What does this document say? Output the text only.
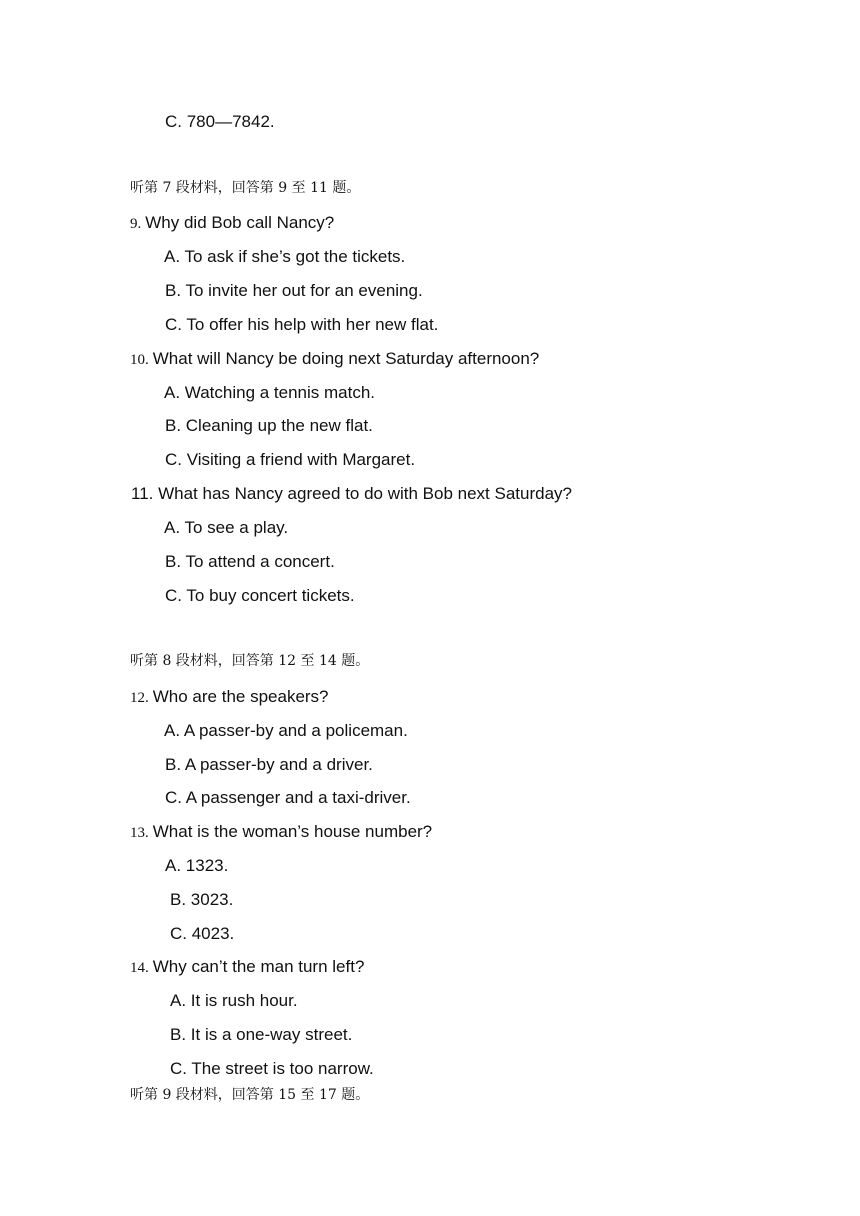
C. 780—7842.
听第 7 段材料，回答第 9 至 11 题。
9. Why did Bob call Nancy?
A. To ask if she’s got the tickets.
B. To invite her out for an evening.
C. To offer his help with her new flat.
10. What will Nancy be doing next Saturday afternoon?
A. Watching a tennis match.
B. Cleaning up the new flat.
C. Visiting a friend with Margaret.
11. What has Nancy agreed to do with Bob next Saturday?
A. To see a play.
B. To attend a concert.
C. To buy concert tickets.
听第 8 段材料，回答第 12 至 14 题。
12. Who are the speakers?
A. A passer-by and a policeman.
B. A passer-by and a driver.
C. A passenger and a taxi-driver.
13. What is the woman’s house number?
A. 1323.
B. 3023.
C. 4023.
14. Why can’t the man turn left?
A. It is rush hour.
B. It is a one-way street.
C. The street is too narrow.
听第 9 段材料，回答第 15 至 17 题。
